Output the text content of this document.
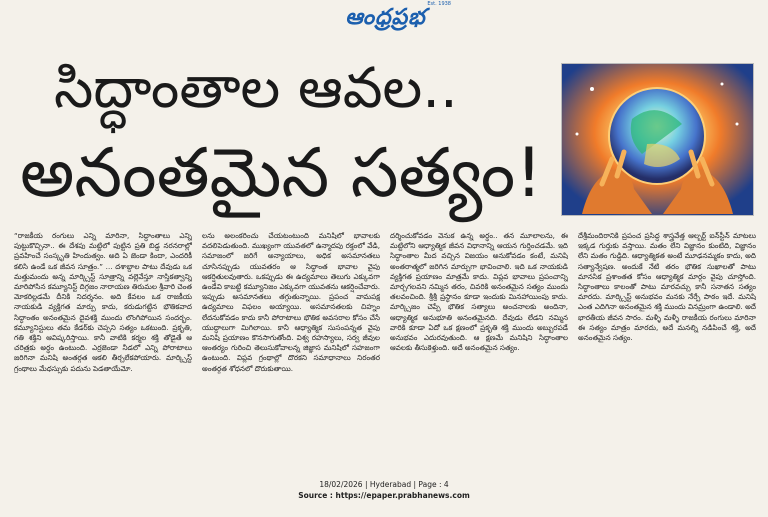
ఆంధ్రప్రభ
Est. 1938
సిద్ధాంతాల ఆవల..
అనంతమైన సత్యం!

“రాజకీయ రంగులు ఎన్ని మారినా, సిద్ధాంతాలు ఎన్ని పుట్టుకొచ్చినా.. ఈ దేశపు మట్టిలో పుట్టిన ప్రతి బిడ్డ నరనరాల్లో ప్రవహించే సంస్కృతి హిందుత్వం. అది ఏ జెండా కిందా, ఎందరికీ కలిసి ఉండే ఒక జీవన సూత్రం.” ... దశాబ్దాల పాటు దేవుడు ఒక మత్తుమందు అన్న మార్క్సిస్ట్ సూత్రాన్ని వల్లెవేస్తూ నాస్తికత్వాన్ని మారిపోసిన కమ్యూనిస్ట్ దిగ్గజం నారాయణ తిరుమల శ్రీవారి చెంత మోకరిల్లడమే దీనికి నిదర్శనం. అది కేవలం ఒక రాజకీయ నాయకుడి వ్యక్తిగత మార్పు కాదు, కరుడుగట్టిన భౌతికవాద సిద్ధాంతం అనంతమైన దైవశక్తి ముందు లొంగిపోయిన సందర్భం. కమ్యూనిస్టులు తమ కేడర్‌కు చెప్పని సత్యం ఒకటుంది. ప్రకృతి, గతి శక్తిని ఆవిష్కరిస్తాయి. కానీ వాటికి కర్మల శక్తి తోడైతే ఆ చరిత్రకు అర్థం ఉంటుంది. ఎర్రజెండా నీడలో ఎన్ని పోరాటాలు జరిగినా మనిషి అంతర్గత ఆకలి తీర్చలేకపోయారు. మార్క్సిస్ట్ గ్రంథాలు మేధస్సుకు పదును పెడతాయేమో.

లను అలంకరించు చేయటంటుంది మనిషిలో భావాలకు వదలిపెడుతుంది. ముఖ్యంగా యువతలో ఉన్మాదపు రక్తంలో వేడి, సమాజంలో జరిగే అన్యాయాలు, అధిక అసమానతలు చూసినప్పుడు యువతరం ఆ సిద్ధాంత భావాల వైపు ఆకర్షితులవుతారు. ఒకప్పుడు ఈ ఉద్యమాలు తెలుగు ఎక్కువగా ఉండేవి కాబట్టి కమ్యూనిజం ఎక్కువగా యువతను ఆకర్షించేవారు. ఇప్పుడు అసమానతలు తగ్గుతున్నాయి. ప్రపంచ వామపక్ష ఉద్యమాలు విఫలం అయ్యాయి. అసమానతలకు చిహ్నం లేదనుకోవడం కాదు కానీ పోరాటాలు భౌతిక అవసరాల కోసం చేసే యుద్ధాలుగా మిగిలాయి. కానీ ఆధ్యాత్మిక సుసంపన్నత వైపు మనిషి ప్రయాణం కొనసాగుతోంది. విశ్వ రహస్యాలు, సర్వ జీవుల ఆంతర్యం గురించి తెలుసుకోవాలన్న జిజ్ఞాస మనిషిలో సహజంగా ఉంటుంది. విప్లవ గ్రంథాల్లో దొరకని సమాధానాలు నిరంతర అంతర్గత శోధనలో దొరుకుతాయి.

దర్శించుకోవడం వెనుక ఉన్న అర్థం.. తన మూలాలను, ఈ మట్టిలోని ఆధ్యాత్మిక జీవన విధానాన్ని ఆయన గుర్తించడమే. ఇది సిద్ధాంతాల మీద వచ్చిన విజయం అనుకోవడం కంటే, మనిషి అంతరాత్మలో జరిగిన మార్పుగా భావించాలి. ఇది ఒక నాయకుడి వ్యక్తిగత ప్రయాణం మాత్రమే కాదు. విప్లవ భావాలు ప్రపంచాన్ని మార్చగలవని నమ్మిన తరం, చివరికి అనంతమైన సత్యం ముందు తలవంచింది. శ్రీశ్రీ ప్రస్థానం కూడా ఇందుకు మినహాయింపు కాదు. మార్క్సిజం చెప్పే భౌతిక సత్యాలు అంచనాలకు అందినా, ఆధ్యాత్మిక అనుభూతి అనంతమైనది. దేవుడు లేడని నమ్మిన వారికి కూడా ఏదో ఒక క్షణంలో ప్రకృతి శక్తి ముందు అబ్బురపడే అనుభవం ఎదురవుతుంది. ఆ క్షణమే మనిషిని సిద్ధాంతాల ఆవలకు తీసుకెళ్తుంది. అదే అనంతమైన సత్యం.

దేశ్రీమందిరానికి ప్రపంచ ప్రసిద్ధ శాస్త్రవేత్త ఆల్బర్ట్ ఐన్‌స్టీన్ మాటలు ఇక్కడ గుర్తుకు వస్తాయి. మతం లేని విజ్ఞానం కుంటిది, విజ్ఞానం లేని మతం గుడ్డిది. ఆధ్యాత్మికత అంటే మూఢనమ్మకం కాదు, అది సత్యాన్వేషణ. అందుకే నేటి తరం భౌతిక సుఖాలతో పాటు మానసిక ప్రశాంతత కోసం ఆధ్యాత్మిక మార్గం వైపు చూస్తోంది. సిద్ధాంతాలు కాలంతో పాటు మారవచ్చు కానీ సనాతన సత్యం మారదు. మార్క్సిస్ట్ అనుభవం మనకు నేర్పే పాఠం ఇదే. మనిషి ఎంత ఎదిగినా అనంతమైన శక్తి ముందు వినమ్రంగా ఉండాలి. అదే భారతీయ జీవన సారం. మళ్ళీ మళ్ళీ రాజకీయ రంగులు మారినా ఈ సత్యం మాత్రం మారదు, అదే మనల్ని నడిపించే శక్తి, అదే అనంతమైన సత్యం.

18/02/2026 | Hyderabad | Page : 4
Source : https://epaper.prabhanews.com
